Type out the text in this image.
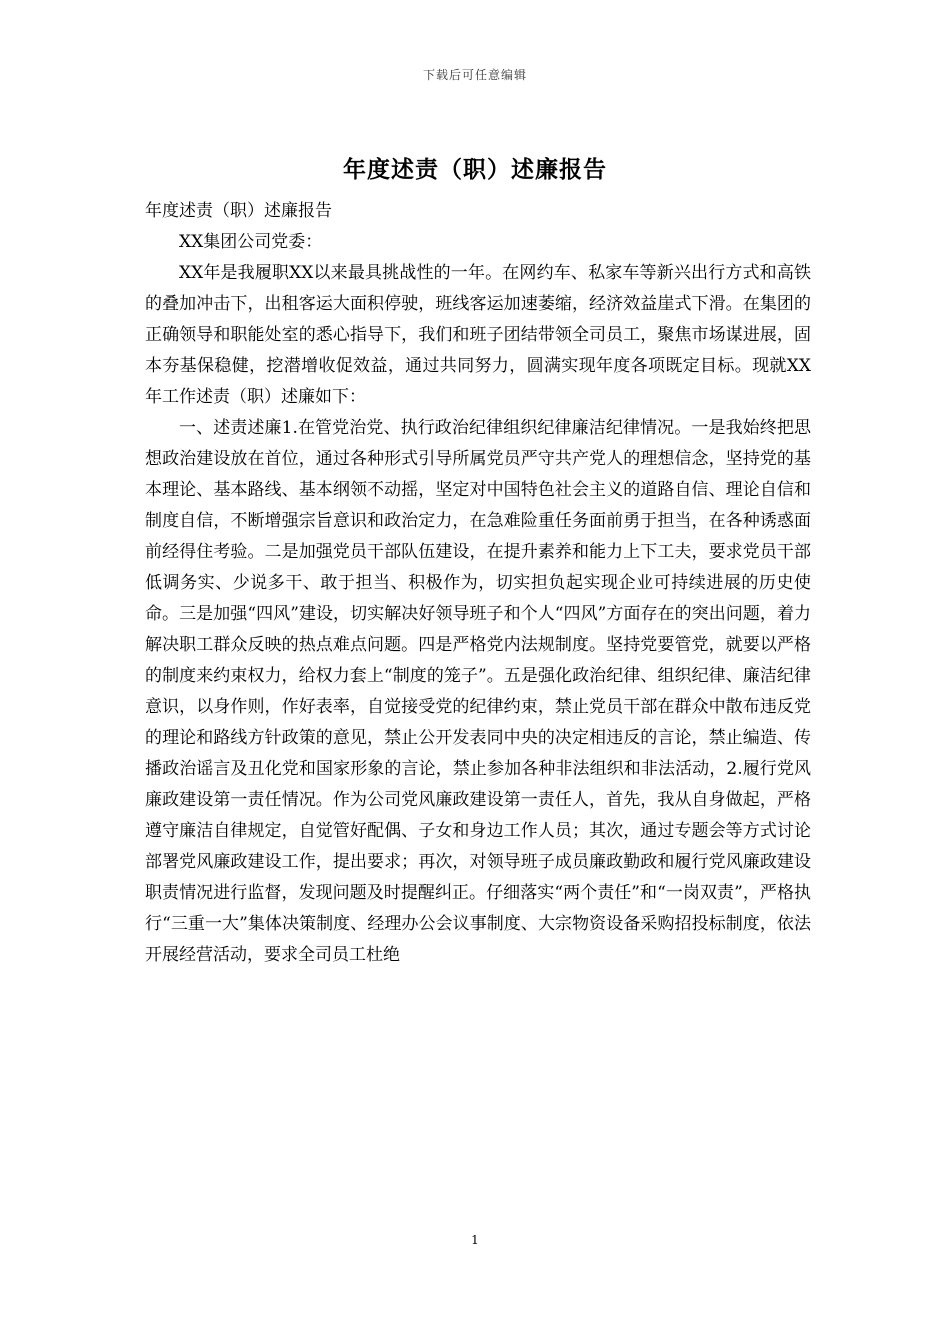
下载后可任意编辑
年度述责（职）述廉报告

年度述责（职）述廉报告

XX集团公司党委：

XX年是我履职XX以来最具挑战性的一年。在网约车、私家车等新兴出行方式和高铁的叠加冲击下，出租客运大面积停驶，班线客运加速萎缩，经济效益崖式下滑。在集团的正确领导和职能处室的悉心指导下，我们和班子团结带领全司员工，聚焦市场谋进展，固本夯基保稳健，挖潜增收促效益，通过共同努力，圆满实现年度各项既定目标。现就XX年工作述责（职）述廉如下：

一、述责述廉1.在管党治党、执行政治纪律组织纪律廉洁纪律情况。一是我始终把思想政治建设放在首位，通过各种形式引导所属党员严守共产党人的理想信念，坚持党的基本理论、基本路线、基本纲领不动摇，坚定对中国特色社会主义的道路自信、理论自信和制度自信，不断增强宗旨意识和政治定力，在急难险重任务面前勇于担当，在各种诱惑面前经得住考验。二是加强党员干部队伍建设，在提升素养和能力上下工夫，要求党员干部低调务实、少说多干、敢于担当、积极作为，切实担负起实现企业可持续进展的历史使命。三是加强“四风”建设，切实解决好领导班子和个人“四风”方面存在的突出问题，着力解决职工群众反映的热点难点问题。四是严格党内法规制度。坚持党要管党，就要以严格的制度来约束权力，给权力套上“制度的笼子”。五是强化政治纪律、组织纪律、廉洁纪律意识，以身作则，作好表率，自觉接受党的纪律约束，禁止党员干部在群众中散布违反党的理论和路线方针政策的意见，禁止公开发表同中央的决定相违反的言论，禁止编造、传播政治谣言及丑化党和国家形象的言论，禁止参加各种非法组织和非法活动，2.履行党风廉政建设第一责任情况。作为公司党风廉政建设第一责任人，首先，我从自身做起，严格遵守廉洁自律规定，自觉管好配偶、子女和身边工作人员；其次，通过专题会等方式讨论部署党风廉政建设工作，提出要求；再次，对领导班子成员廉政勤政和履行党风廉政建设职责情况进行监督，发现问题及时提醒纠正。仔细落实“两个责任”和“一岗双责”，严格执行“三重一大”集体决策制度、经理办公会议事制度、大宗物资设备采购招投标制度，依法开展经营活动，要求全司员工杜绝

1
